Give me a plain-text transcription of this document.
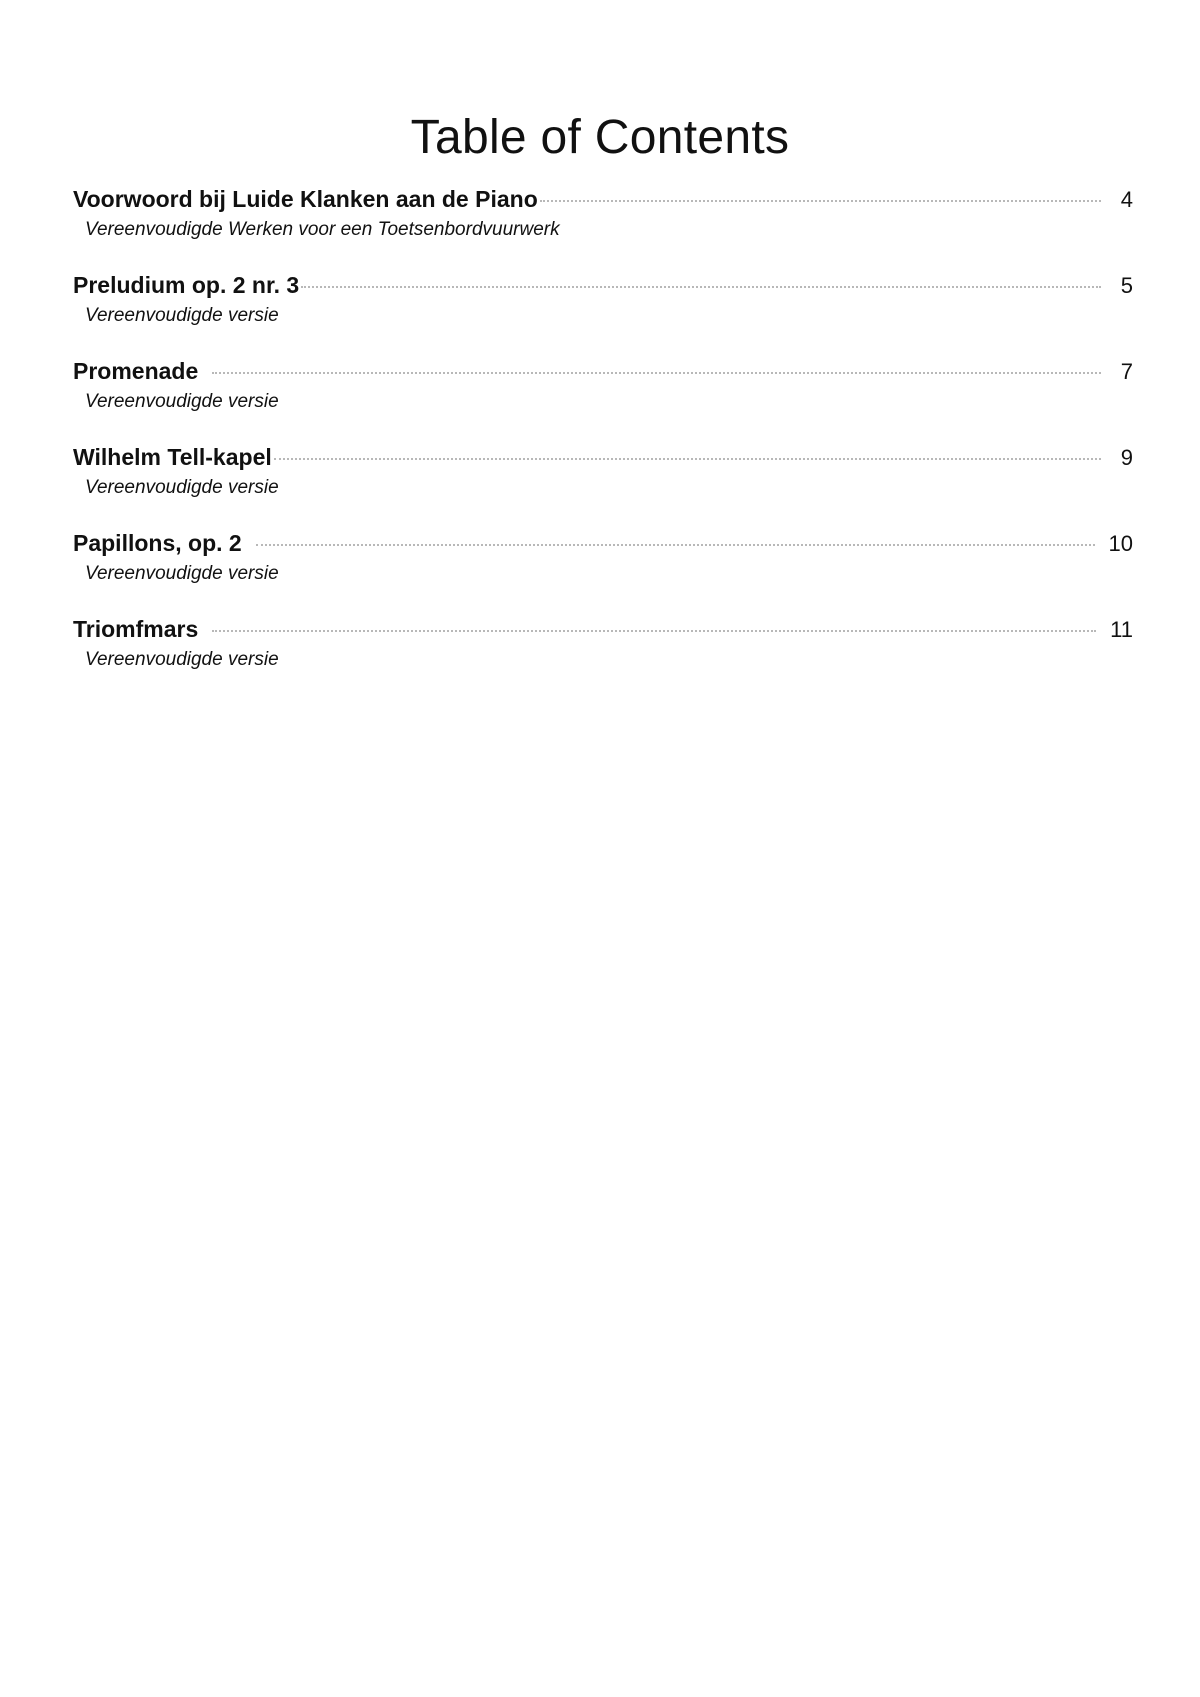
Table of Contents
Voorwoord bij Luide Klanken aan de Piano	4
Vereenvoudigde Werken voor een Toetsenbordvuurwerk
Preludium op. 2 nr. 3	5
Vereenvoudigde versie
Promenade	7
Vereenvoudigde versie
Wilhelm Tell-kapel	9
Vereenvoudigde versie
Papillons, op. 2	10
Vereenvoudigde versie
Triomfmars	11
Vereenvoudigde versie
